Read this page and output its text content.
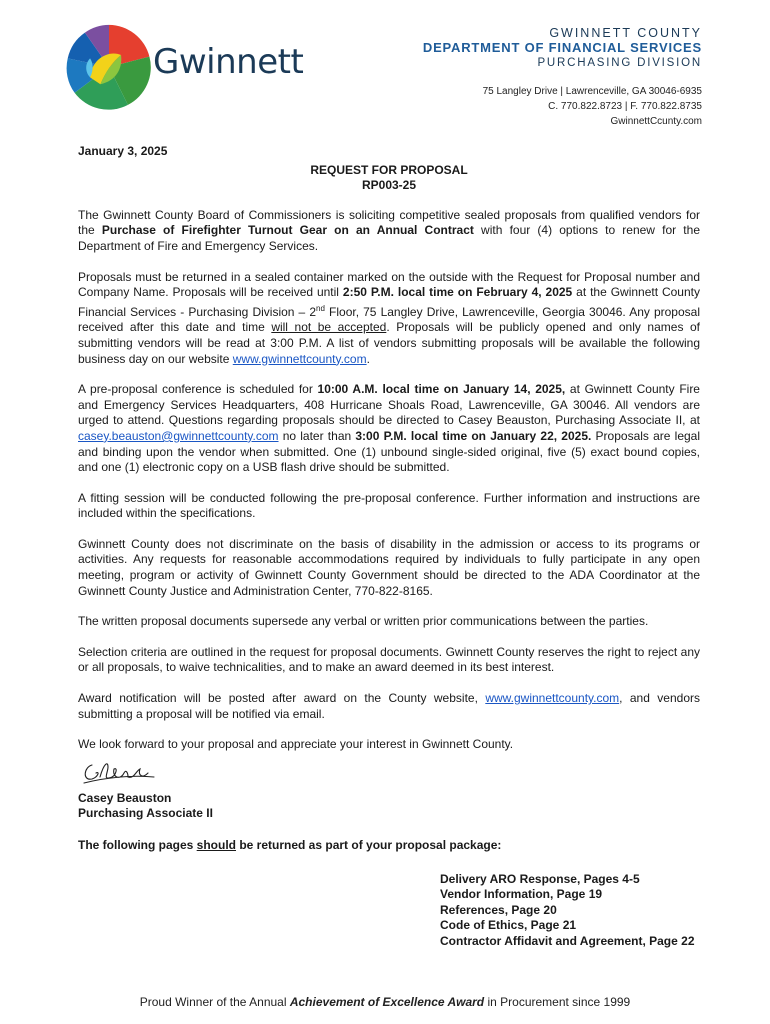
Gwinnett
GWINNETT COUNTY
DEPARTMENT OF FINANCIAL SERVICES
PURCHASING DIVISION
75 Langley Drive | Lawrenceville, GA 30046-6935
C. 770.822.8723 | F. 770.822.8735
GwinnettCcunty.com
January 3, 2025
REQUEST FOR PROPOSAL
RP003-25

The Gwinnett County Board of Commissioners is soliciting competitive sealed proposals from qualified vendors for the Purchase of Firefighter Turnout Gear on an Annual Contract with four (4) options to renew for the Department of Fire and Emergency Services.

Proposals must be returned in a sealed container marked on the outside with the Request for Proposal number and Company Name. Proposals will be received until 2:50 P.M. local time on February 4, 2025 at the Gwinnett County Financial Services - Purchasing Division – 2nd Floor, 75 Langley Drive, Lawrenceville, Georgia 30046. Any proposal received after this date and time will not be accepted. Proposals will be publicly opened and only names of submitting vendors will be read at 3:00 P.M. A list of vendors submitting proposals will be available the following business day on our website www.gwinnettcounty.com.

A pre-proposal conference is scheduled for 10:00 A.M. local time on January 14, 2025, at Gwinnett County Fire and Emergency Services Headquarters, 408 Hurricane Shoals Road, Lawrenceville, GA 30046. All vendors are urged to attend. Questions regarding proposals should be directed to Casey Beauston, Purchasing Associate II, at casey.beauston@gwinnettcounty.com no later than 3:00 P.M. local time on January 22, 2025. Proposals are legal and binding upon the vendor when submitted. One (1) unbound single-sided original, five (5) exact bound copies, and one (1) electronic copy on a USB flash drive should be submitted.

A fitting session will be conducted following the pre-proposal conference. Further information and instructions are included within the specifications.

Gwinnett County does not discriminate on the basis of disability in the admission or access to its programs or activities. Any requests for reasonable accommodations required by individuals to fully participate in any open meeting, program or activity of Gwinnett County Government should be directed to the ADA Coordinator at the Gwinnett County Justice and Administration Center, 770-822-8165.

The written proposal documents supersede any verbal or written prior communications between the parties.

Selection criteria are outlined in the request for proposal documents. Gwinnett County reserves the right to reject any or all proposals, to waive technicalities, and to make an award deemed in its best interest.

Award notification will be posted after award on the County website, www.gwinnettcounty.com, and vendors submitting a proposal will be notified via email.

We look forward to your proposal and appreciate your interest in Gwinnett County.

Casey Beauston
Purchasing Associate II
The following pages should be returned as part of your proposal package:
Delivery ARO Response, Pages 4-5
Vendor Information, Page 19
References, Page 20
Code of Ethics, Page 21
Contractor Affidavit and Agreement, Page 22
Proud Winner of the Annual Achievement of Excellence Award in Procurement since 1999
